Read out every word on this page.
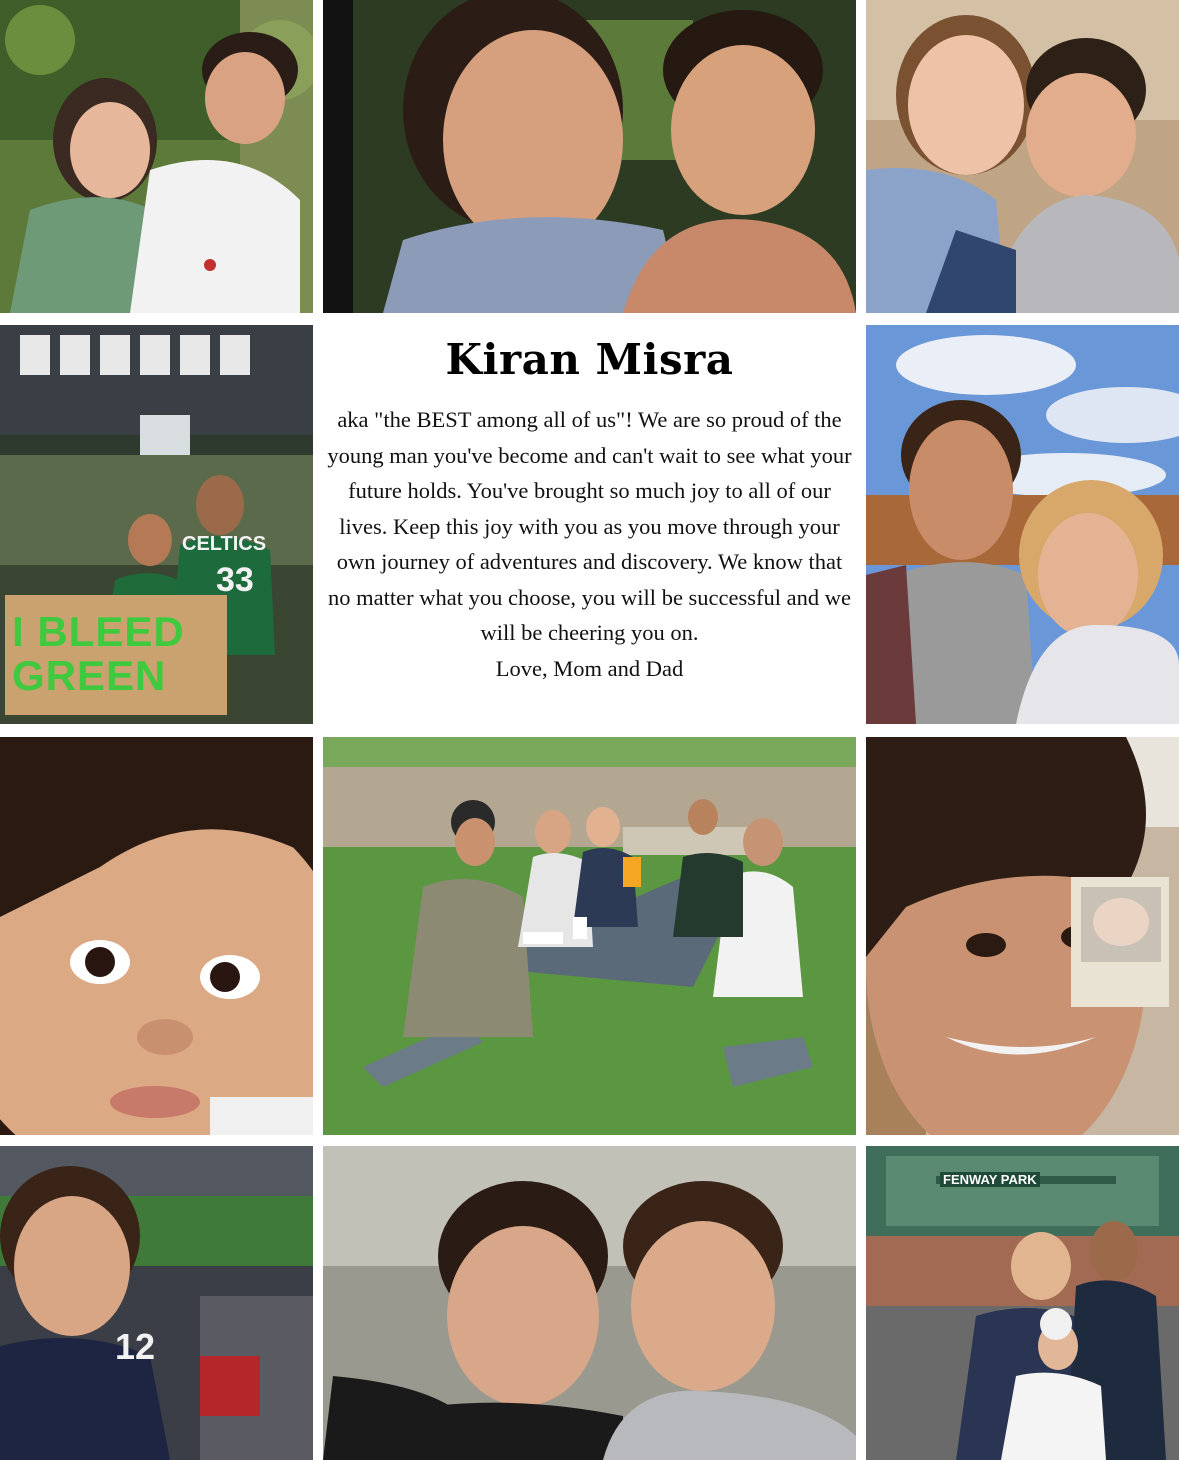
CELTICS
33
I BLEED GREEN
Kiran Misra

aka "the BEST among all of us"! We are so proud of the young man you've become and can't wait to see what your future holds. You've brought so much joy to all of our lives. Keep this joy with you as you move through your own journey of adventures and discovery. We know that no matter what you choose, you will be successful and we will be cheering you on.

Love, Mom and Dad

12
FENWAY PARK
